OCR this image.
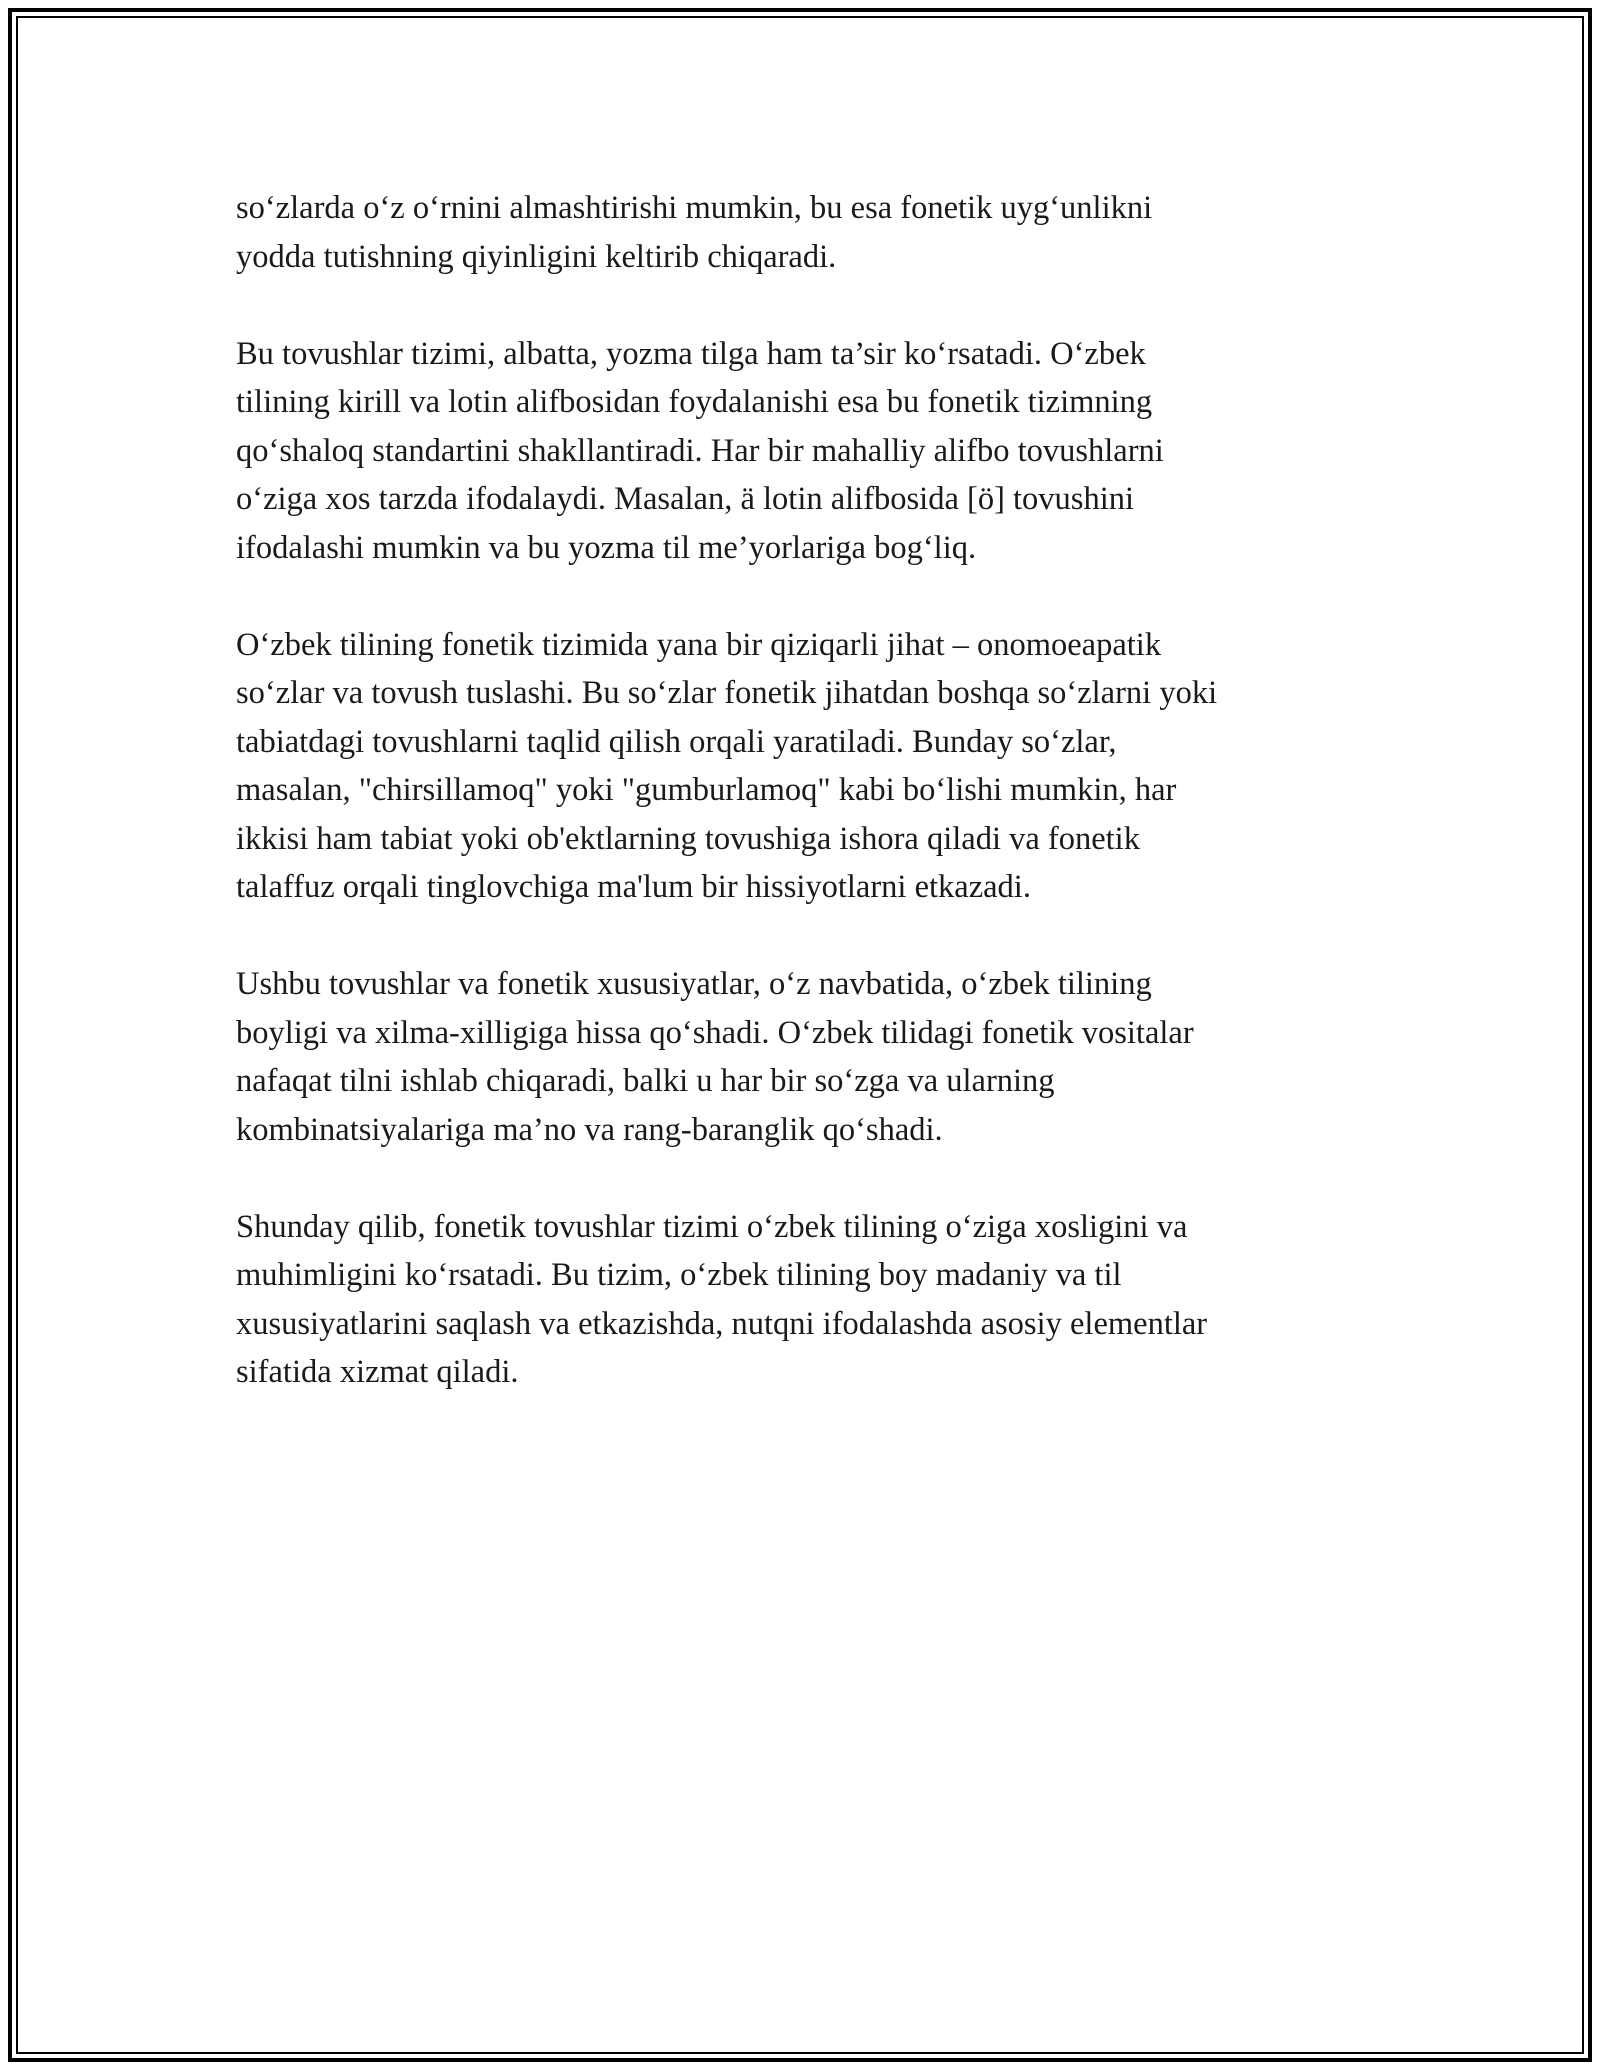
so‘zlarda o‘z o‘rnini almashtirishi mumkin, bu esa fonetik uyg‘unlikni
yodda tutishning qiyinligini keltirib chiqaradi.

Bu tovushlar tizimi, albatta, yozma tilga ham ta’sir ko‘rsatadi. O‘zbek
tilining kirill va lotin alifbosidan foydalanishi esa bu fonetik tizimning
qo‘shaloq standartini shakllantiradi. Har bir mahalliy alifbo tovushlarni
o‘ziga xos tarzda ifodalaydi. Masalan, ä lotin alifbosida [ö] tovushini
ifodalashi mumkin va bu yozma til me’yorlariga bog‘liq.

O‘zbek tilining fonetik tizimida yana bir qiziqarli jihat – onomoeapatik
so‘zlar va tovush tuslashi. Bu so‘zlar fonetik jihatdan boshqa so‘zlarni yoki
tabiatdagi tovushlarni taqlid qilish orqali yaratiladi. Bunday so‘zlar,
masalan, "chirsillamoq" yoki "gumburlamoq" kabi bo‘lishi mumkin, har
ikkisi ham tabiat yoki ob'ektlarning tovushiga ishora qiladi va fonetik
talaffuz orqali tinglovchiga ma'lum bir hissiyotlarni etkazadi.

Ushbu tovushlar va fonetik xususiyatlar, o‘z navbatida, o‘zbek tilining
boyligi va xilma-xilligiga hissa qo‘shadi. O‘zbek tilidagi fonetik vositalar
nafaqat tilni ishlab chiqaradi, balki u har bir so‘zga va ularning
kombinatsiyalariga ma’no va rang-baranglik qo‘shadi.

Shunday qilib, fonetik tovushlar tizimi o‘zbek tilining o‘ziga xosligini va
muhimligini ko‘rsatadi. Bu tizim, o‘zbek tilining boy madaniy va til
xususiyatlarini saqlash va etkazishda, nutqni ifodalashda asosiy elementlar
sifatida xizmat qiladi.
